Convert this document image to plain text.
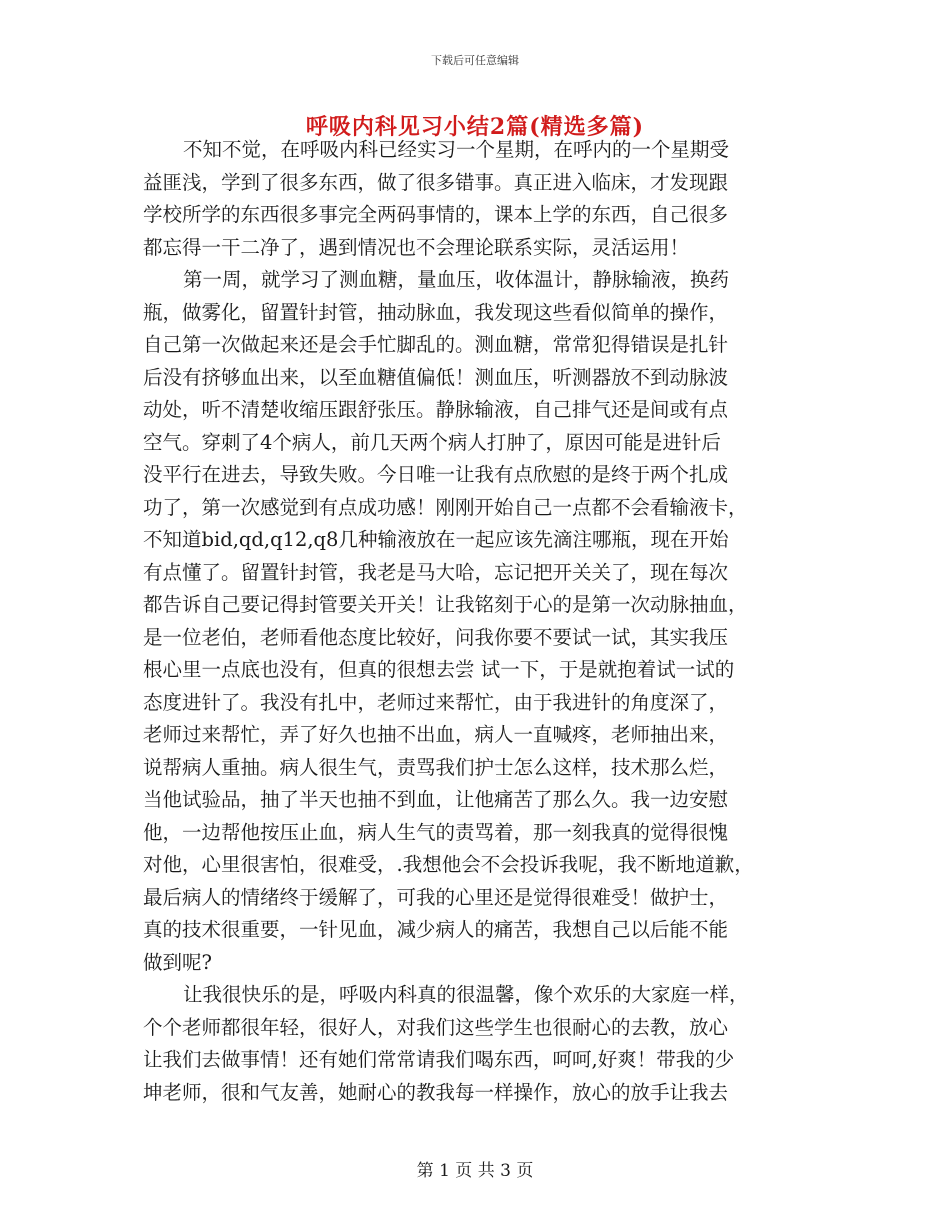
下载后可任意编辑
呼吸内科见习小结2篇(精选多篇)
不知不觉，在呼吸内科已经实习一个星期，在呼内的一个星期受
益匪浅，学到了很多东西，做了很多错事。真正进入临床，才发现跟
学校所学的东西很多事完全两码事情的，课本上学的东西，自己很多
都忘得一干二净了，遇到情况也不会理论联系实际，灵活运用！
第一周，就学习了测血糖，量血压，收体温计，静脉输液，换药
瓶，做雾化，留置针封管，抽动脉血，我发现这些看似简单的操作，
自己第一次做起来还是会手忙脚乱的。测血糖，常常犯得错误是扎针
后没有挤够血出来，以至血糖值偏低！测血压，听测器放不到动脉波
动处，听不清楚收缩压跟舒张压。静脉输液，自己排气还是间或有点
空气。穿刺了4个病人，前几天两个病人打肿了，原因可能是进针后
没平行在进去，导致失败。今日唯一让我有点欣慰的是终于两个扎成
功了，第一次感觉到有点成功感！刚刚开始自己一点都不会看输液卡，
不知道bid,qd,q12,q8几种输液放在一起应该先滴注哪瓶，现在开始
有点懂了。留置针封管，我老是马大哈，忘记把开关关了，现在每次
都告诉自己要记得封管要关开关！让我铭刻于心的是第一次动脉抽血，
是一位老伯，老师看他态度比较好，问我你要不要试一试，其实我压
根心里一点底也没有，但真的很想去尝 试一下，于是就抱着试一试的
态度进针了。我没有扎中，老师过来帮忙，由于我进针的角度深了，
老师过来帮忙，弄了好久也抽不出血，病人一直喊疼，老师抽出来，
说帮病人重抽。病人很生气，责骂我们护士怎么这样，技术那么烂，
当他试验品，抽了半天也抽不到血，让他痛苦了那么久。我一边安慰
他，一边帮他按压止血，病人生气的责骂着，那一刻我真的觉得很愧
对他，心里很害怕，很难受，.我想他会不会投诉我呢，我不断地道歉，
最后病人的情绪终于缓解了，可我的心里还是觉得很难受！做护士，
真的技术很重要，一针见血，减少病人的痛苦，我想自己以后能不能
做到呢?
让我很快乐的是，呼吸内科真的很温馨，像个欢乐的大家庭一样，
个个老师都很年轻，很好人，对我们这些学生也很耐心的去教，放心
让我们去做事情！还有她们常常请我们喝东西，呵呵,好爽！带我的少
坤老师，很和气友善，她耐心的教我每一样操作，放心的放手让我去
第 1 页 共 3 页
